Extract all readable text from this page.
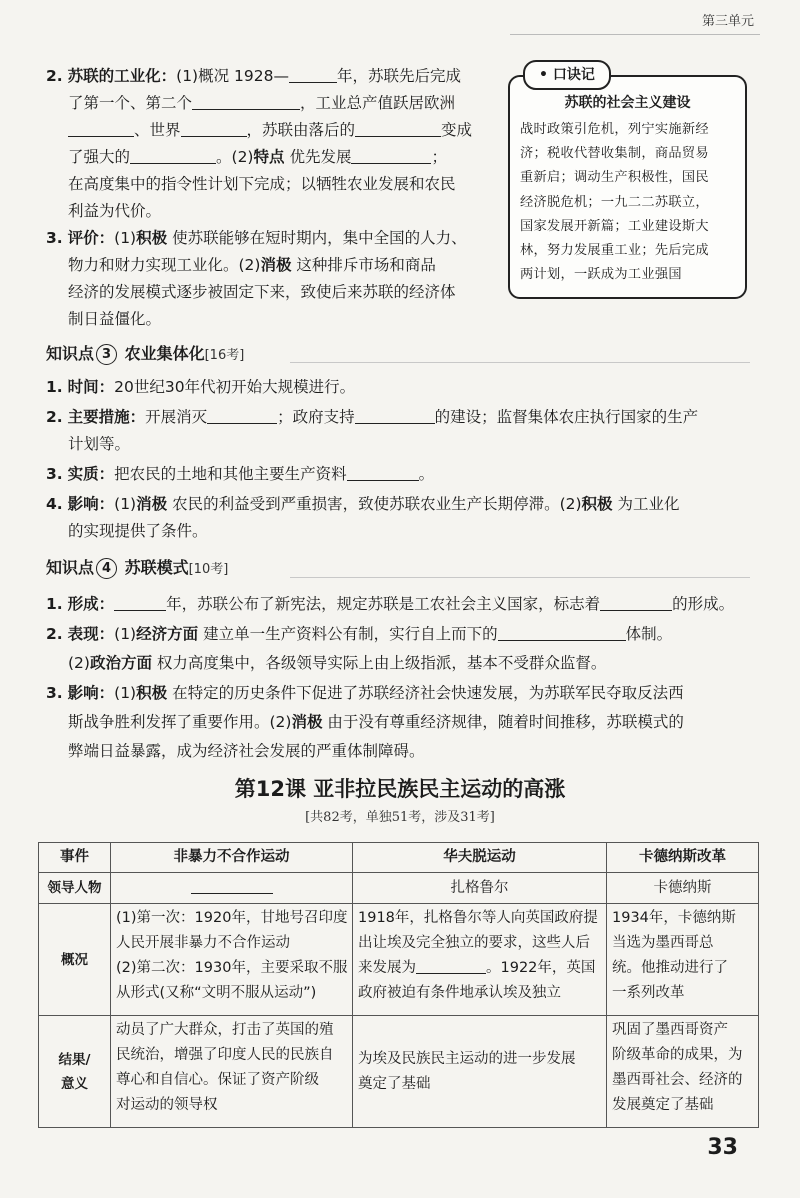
第三单元
2. 苏联的工业化：(1)概况 1928—	年，苏联先后完成
了第一个、第二个	，工业总产值跃居欧洲
、世界	，苏联由落后的	变成
了强大的	。(2)特点 优先发展	；
在高度集中的指令性计划下完成；以牺牲农业发展和农民
利益为代价。
3. 评价：(1)积极 使苏联能够在短时期内，集中全国的人力、
物力和财力实现工业化。(2)消极 这种排斥市场和商品
经济的发展模式逐步被固定下来，致使后来苏联的经济体
制日益僵化。
• 口诀记
苏联的社会主义建设
战时政策引危机，列宁实施新经
济；税收代替收集制，商品贸易
重新启；调动生产积极性，国民
经济脱危机；一九二二苏联立，
国家发展开新篇；工业建设斯大
林，努力发展重工业；先后完成
两计划，一跃成为工业强国
知识点 3 农业集体化[16考]
1. 时间：20世纪30年代初开始大规模进行。
2. 主要措施：开展消灭	；政府支持	的建设；监督集体农庄执行国家的生产
计划等。
3. 实质：把农民的土地和其他主要生产资料	。
4. 影响：(1)消极 农民的利益受到严重损害，致使苏联农业生产长期停滞。(2)积极 为工业化
的实现提供了条件。
知识点 4 苏联模式[10考]
1. 形成：	年，苏联公布了新宪法，规定苏联是工农社会主义国家，标志着	的形成。
2. 表现：(1)经济方面 建立单一生产资料公有制，实行自上而下的	体制。
(2)政治方面 权力高度集中，各级领导实际上由上级指派，基本不受群众监督。
3. 影响：(1)积极 在特定的历史条件下促进了苏联经济社会快速发展，为苏联军民夺取反法西
斯战争胜利发挥了重要作用。(2)消极 由于没有尊重经济规律，随着时间推移，苏联模式的
弊端日益暴露，成为经济社会发展的严重体制障碍。
第12课 亚非拉民族民主运动的高涨
[共82考，单独51考，涉及31考]
事件	非暴力不合作运动	华夫脱运动	卡德纳斯改革
领导人物		扎格鲁尔	卡德纳斯
概况	(1)第一次：1920年，甘地号召印度
人民开展非暴力不合作运动
(2)第二次：1930年，主要采取不服
从形式(又称“文明不服从运动”)	1918年，扎格鲁尔等人向英国政府提
出让埃及完全独立的要求，这些人后
来发展为 。1922年，英国
政府被迫有条件地承认埃及独立	1934年，卡德纳斯
当选为墨西哥总
统。他推动进行了
一系列改革

结果/
意义	动员了广大群众，打击了英国的殖
民统治，增强了印度人民的民族自
尊心和自信心。保证了资产阶级
对运动的领导权	为埃及民族民主运动的进一步发展
奠定了基础	巩固了墨西哥资产
阶级革命的成果，为
墨西哥社会、经济的
发展奠定了基础
33
